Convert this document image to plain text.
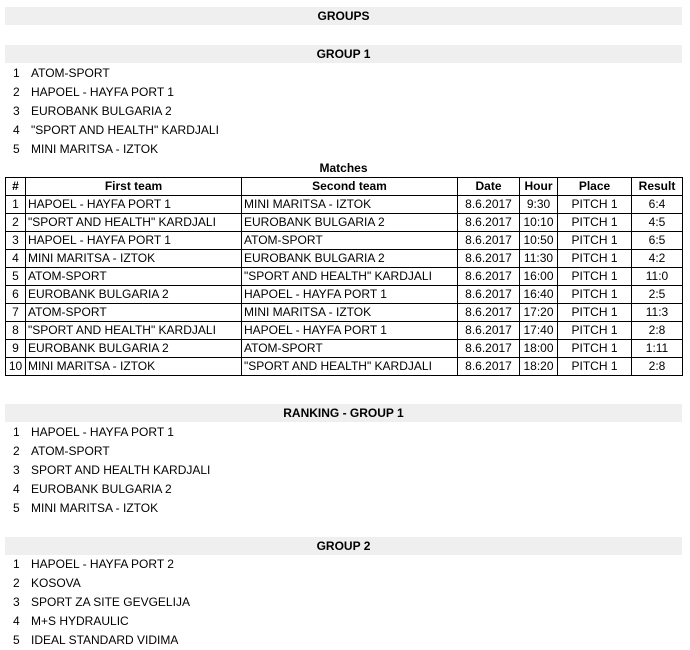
GROUPS
GROUP 1
1 ATOM-SPORT
2 HAPOEL - HAYFA PORT 1
3 EUROBANK BULGARIA 2
4 "SPORT AND HEALTH" KARDJALI
5 MINI MARITSA - IZTOK
Matches
#	First team	Second team	Date	Hour	Place	Result
1	HAPOEL - HAYFA PORT 1	MINI MARITSA - IZTOK	8.6.2017	9:30	PITCH 1	6:4
2	"SPORT AND HEALTH" KARDJALI	EUROBANK BULGARIA 2	8.6.2017	10:10	PITCH 1	4:5
3	HAPOEL - HAYFA PORT 1	ATOM-SPORT	8.6.2017	10:50	PITCH 1	6:5
4	MINI MARITSA - IZTOK	EUROBANK BULGARIA 2	8.6.2017	11:30	PITCH 1	4:2
5	ATOM-SPORT	"SPORT AND HEALTH" KARDJALI	8.6.2017	16:00	PITCH 1	11:0
6	EUROBANK BULGARIA 2	HAPOEL - HAYFA PORT 1	8.6.2017	16:40	PITCH 1	2:5
7	ATOM-SPORT	MINI MARITSA - IZTOK	8.6.2017	17:20	PITCH 1	11:3
8	"SPORT AND HEALTH" KARDJALI	HAPOEL - HAYFA PORT 1	8.6.2017	17:40	PITCH 1	2:8
9	EUROBANK BULGARIA 2	ATOM-SPORT	8.6.2017	18:00	PITCH 1	1:11
10	MINI MARITSA - IZTOK	"SPORT AND HEALTH" KARDJALI	8.6.2017	18:20	PITCH 1	2:8
RANKING - GROUP 1
1 HAPOEL - HAYFA PORT 1
2 ATOM-SPORT
3 SPORT AND HEALTH KARDJALI
4 EUROBANK BULGARIA 2
5 MINI MARITSA - IZTOK
GROUP 2
1 HAPOEL - HAYFA PORT 2
2 KOSOVA
3 SPORT ZA SITE GEVGELIJA
4 M+S HYDRAULIC
5 IDEAL STANDARD VIDIMA
